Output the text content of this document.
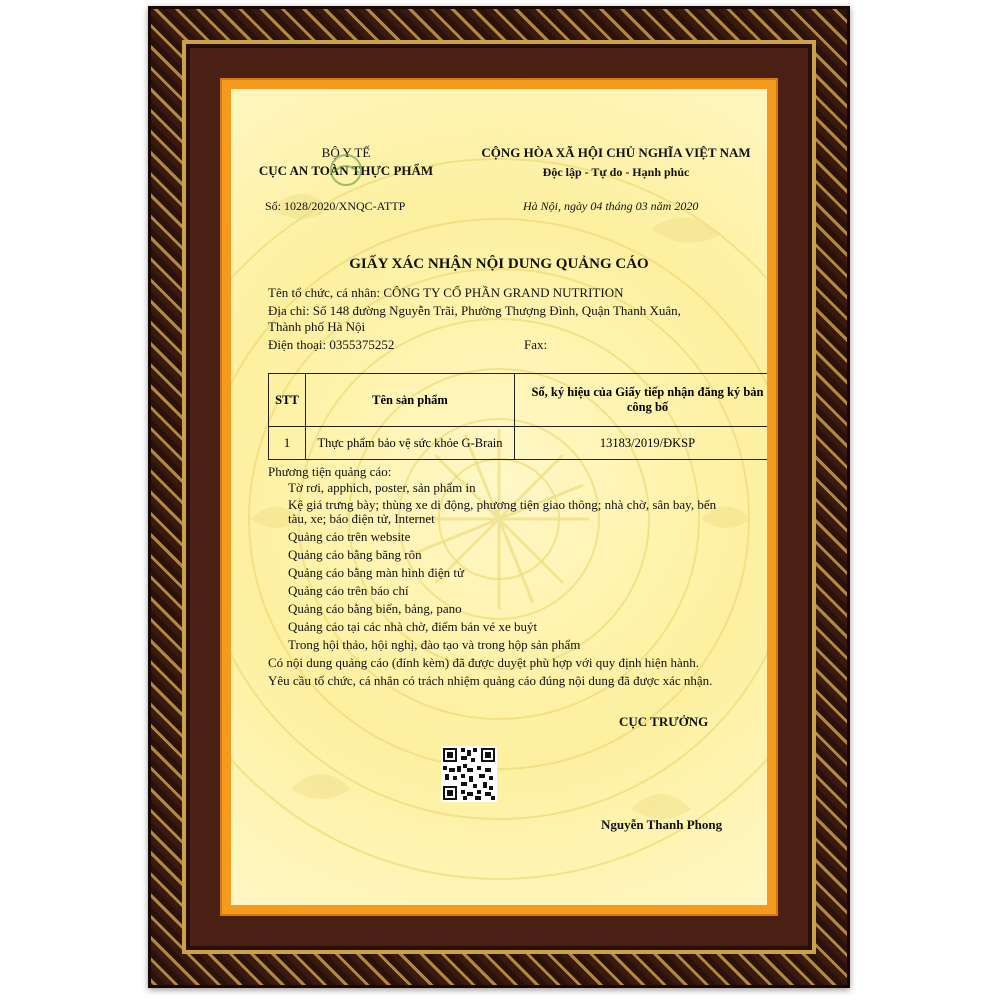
BỘ Y TẾ
CỤC AN TOÀN THỰC PHẨM
Số: 1028/2020/XNQC-ATTP
CỘNG HÒA XÃ HỘI CHỦ NGHĨA VIỆT NAM
Độc lập - Tự do - Hạnh phúc
Hà Nội, ngày 04 tháng 03 năm 2020
GIẤY XÁC NHẬN NỘI DUNG QUẢNG CÁO
Tên tổ chức, cá nhân: CÔNG TY CỔ PHẦN GRAND NUTRITION
Địa chỉ: Số 148 đường Nguyễn Trãi, Phường Thượng Đình, Quận Thanh Xuân,
Thành phố Hà Nội
Điện thoại: 0355375252	Fax:
STT	Tên sản phẩm	Số, ký hiệu của Giấy tiếp nhận đăng ký bản công bố
1	Thực phẩm bảo vệ sức khỏe G-Brain	13183/2019/ĐKSP
Phương tiện quảng cáo:
Tờ rơi, apphich, poster, sản phẩm in
Kệ giá trưng bày; thùng xe di động, phương tiện giao thông; nhà chờ, sân bay, bến
tàu, xe; báo điện tử, Internet
Quảng cáo trên website
Quảng cáo bằng băng rôn
Quảng cáo bằng màn hình điện tử
Quảng cáo trên báo chí
Quảng cáo bằng biển, bảng, pano
Quảng cáo tại các nhà chờ, điểm bán vé xe buýt
Trong hội thảo, hội nghị, đào tạo và trong hộp sản phẩm
Có nội dung quảng cáo (đính kèm) đã được duyệt phù hợp với quy định hiện hành.
Yêu cầu tổ chức, cá nhân có trách nhiệm quảng cáo đúng nội dung đã được xác nhận.
CỤC TRƯỞNG
Nguyễn Thanh Phong
